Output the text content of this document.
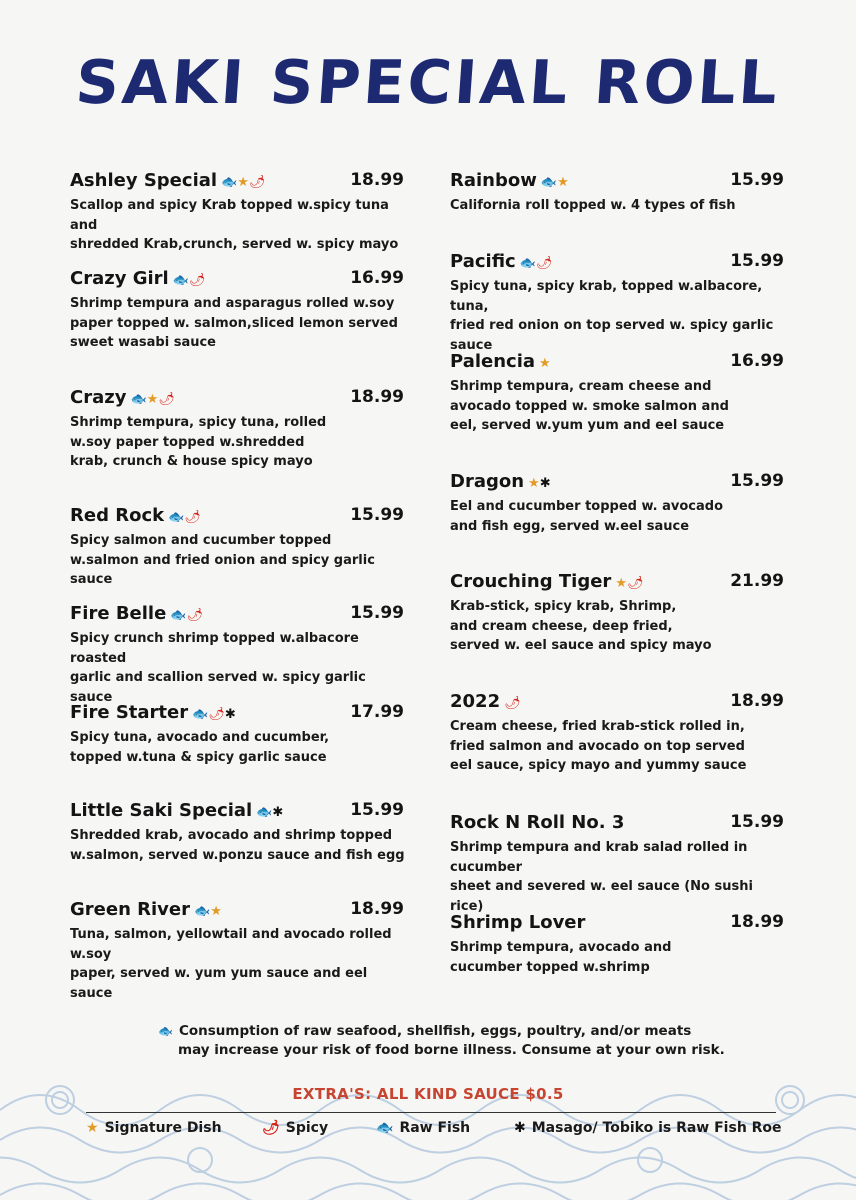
SAKI SPECIAL ROLL
Ashley Special 🐟★🌶	18.99
Scallop and spicy Krab topped w.spicy tuna and
shredded Krab,crunch, served w. spicy mayo
Crazy Girl 🐟🌶	16.99
Shrimp tempura and asparagus rolled w.soy
paper topped w. salmon,sliced lemon served
sweet wasabi sauce
Crazy 🐟★🌶	18.99
Shrimp tempura, spicy tuna, rolled
w.soy paper topped w.shredded
krab, crunch & house spicy mayo
Red Rock 🐟🌶	15.99
Spicy salmon and cucumber topped
w.salmon and fried onion and spicy garlic sauce
Fire Belle 🐟🌶	15.99
Spicy crunch shrimp topped w.albacore roasted
garlic and scallion served w. spicy garlic sauce
Fire Starter 🐟🌶✱	17.99
Spicy tuna, avocado and cucumber,
topped w.tuna & spicy garlic sauce
Little Saki Special 🐟✱	15.99
Shredded krab, avocado and shrimp topped
w.salmon, served w.ponzu sauce and fish egg
Green River 🐟★	18.99
Tuna, salmon, yellowtail and avocado rolled w.soy
paper, served w. yum yum sauce and eel sauce
Rainbow 🐟★	15.99
California roll topped w. 4 types of fish
Pacific 🐟🌶	15.99
Spicy tuna, spicy krab, topped w.albacore, tuna,
fried red onion on top served w. spicy garlic sauce
Palencia ★	16.99
Shrimp tempura, cream cheese and
avocado topped w. smoke salmon and
eel, served w.yum yum and eel sauce
Dragon ★✱	15.99
Eel and cucumber topped w. avocado
and fish egg, served w.eel sauce
Crouching Tiger ★🌶	21.99
Krab-stick, spicy krab, Shrimp,
and cream cheese, deep fried,
served w. eel sauce and spicy mayo
2022 🌶	18.99
Cream cheese, fried krab-stick rolled in,
fried salmon and avocado on top served
eel sauce, spicy mayo and yummy sauce
Rock N Roll No. 3	15.99
Shrimp tempura and krab salad rolled in cucumber
sheet and severed w. eel sauce (No sushi rice)
Shrimp Lover	18.99
Shrimp tempura, avocado and
cucumber topped w.shrimp
🐟 Consumption of raw seafood, shellfish, eggs, poultry, and/or meats
may increase your risk of food borne illness. Consume at your own risk.
EXTRA'S: ALL KIND SAUCE $0.5
★ Signature Dish	🌶 Spicy	🐟 Raw Fish	✱ Masago/ Tobiko is Raw Fish Roe
